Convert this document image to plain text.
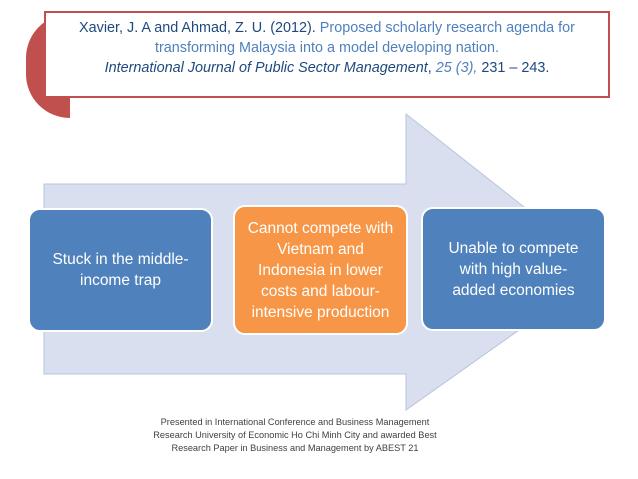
Xavier, J. A and Ahmad, Z. U. (2012). Proposed scholarly research agenda for transforming Malaysia into a model developing nation. International Journal of Public Sector Management, 25 (3), 231 – 243.
Stuck in the middle-income trap
Cannot compete with Vietnam and Indonesia in lower costs and labour-intensive production
Unable to compete with high value-added economies
Presented in International Conference and Business Management Research University of Economic Ho Chi Minh City and awarded Best Research Paper in Business and Management by ABEST 21
